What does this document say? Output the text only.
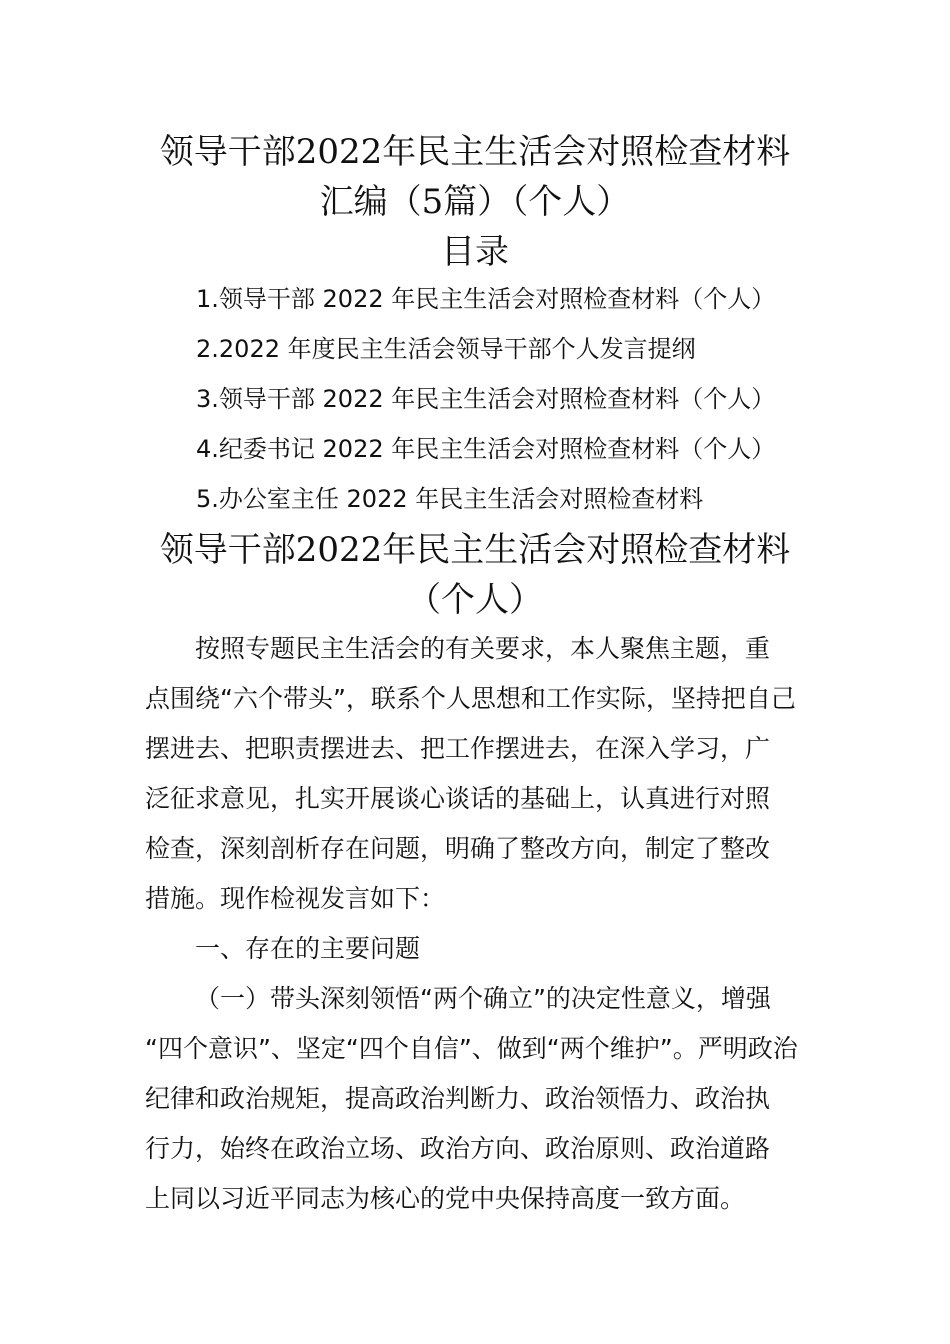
领导干部2022年民主生活会对照检查材料
汇编（5篇）（个人）
目录
1.领导干部 2022 年民主生活会对照检查材料（个人）
2.2022 年度民主生活会领导干部个人发言提纲
3.领导干部 2022 年民主生活会对照检查材料（个人）
4.纪委书记 2022 年民主生活会对照检查材料（个人）
5.办公室主任 2022 年民主生活会对照检查材料
领导干部2022年民主生活会对照检查材料
（个人）
按照专题民主生活会的有关要求，本人聚焦主题，重
点围绕“六个带头”，联系个人思想和工作实际，坚持把自己
摆进去、把职责摆进去、把工作摆进去，在深入学习，广
泛征求意见，扎实开展谈心谈话的基础上，认真进行对照
检查，深刻剖析存在问题，明确了整改方向，制定了整改
措施。现作检视发言如下：
一、存在的主要问题
（一）带头深刻领悟“两个确立”的决定性意义，增强
“四个意识”、坚定“四个自信”、做到“两个维护”。严明政治
纪律和政治规矩，提高政治判断力、政治领悟力、政治执
行力，始终在政治立场、政治方向、政治原则、政治道路
上同以习近平同志为核心的党中央保持高度一致方面。
